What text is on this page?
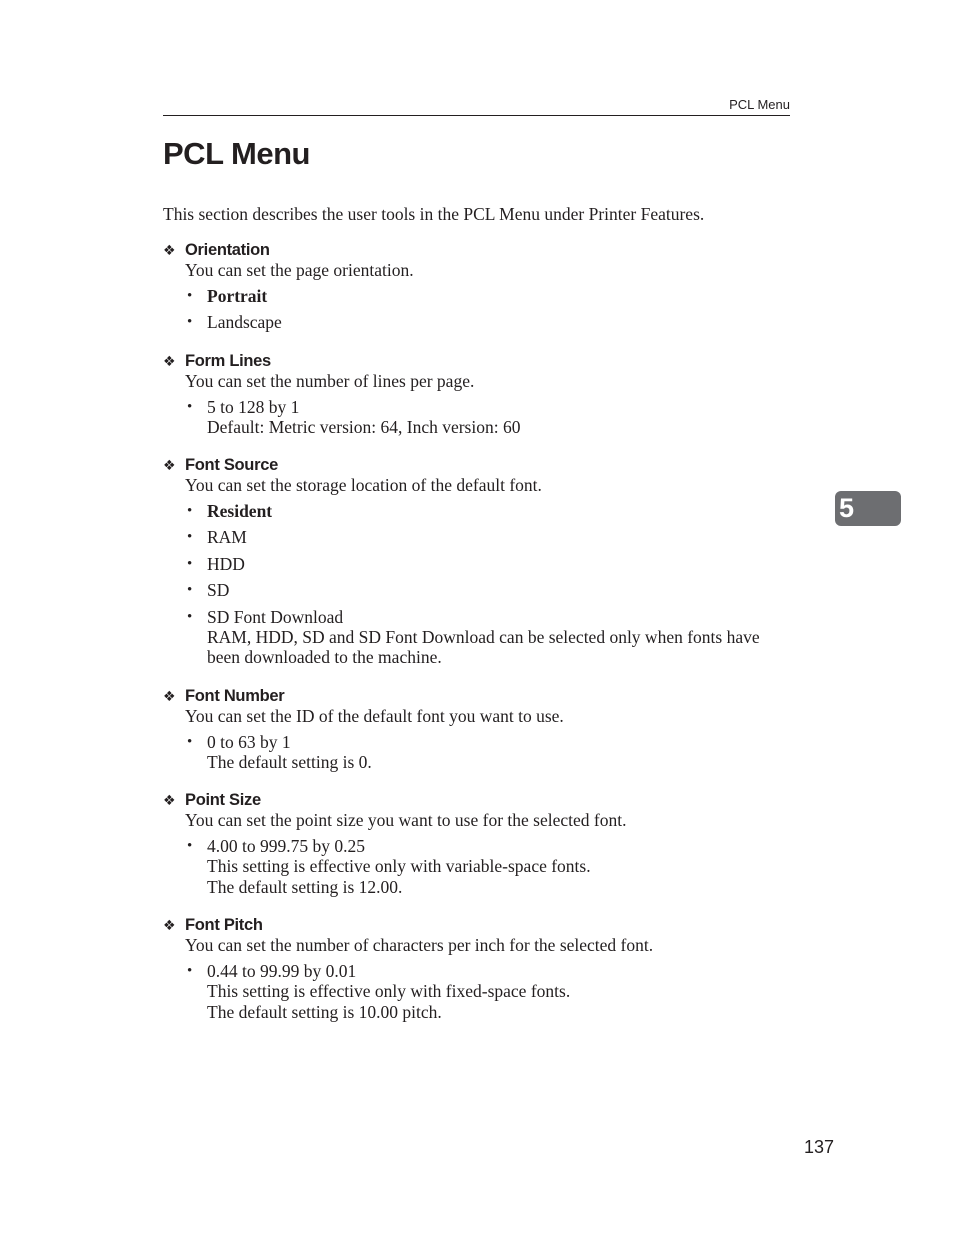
PCL Menu
PCL Menu

This section describes the user tools in the PCL Menu under Printer Features.

❖ Orientation

You can set the page orientation.

• Portrait
• Landscape
❖ Form Lines

You can set the number of lines per page.

• 5 to 128 by 1
Default: Metric version: 64, Inch version: 60
❖ Font Source

You can set the storage location of the default font.

• Resident
• RAM
• HDD
• SD
• SD Font Download
RAM, HDD, SD and SD Font Download can be selected only when fonts have been downloaded to the machine.
❖ Font Number

You can set the ID of the default font you want to use.

• 0 to 63 by 1
The default setting is 0.
❖ Point Size

You can set the point size you want to use for the selected font.

• 4.00 to 999.75 by 0.25
This setting is effective only with variable-space fonts.
The default setting is 12.00.
❖ Font Pitch

You can set the number of characters per inch for the selected font.

• 0.44 to 99.99 by 0.01
This setting is effective only with fixed-space fonts.
The default setting is 10.00 pitch.
5
137
